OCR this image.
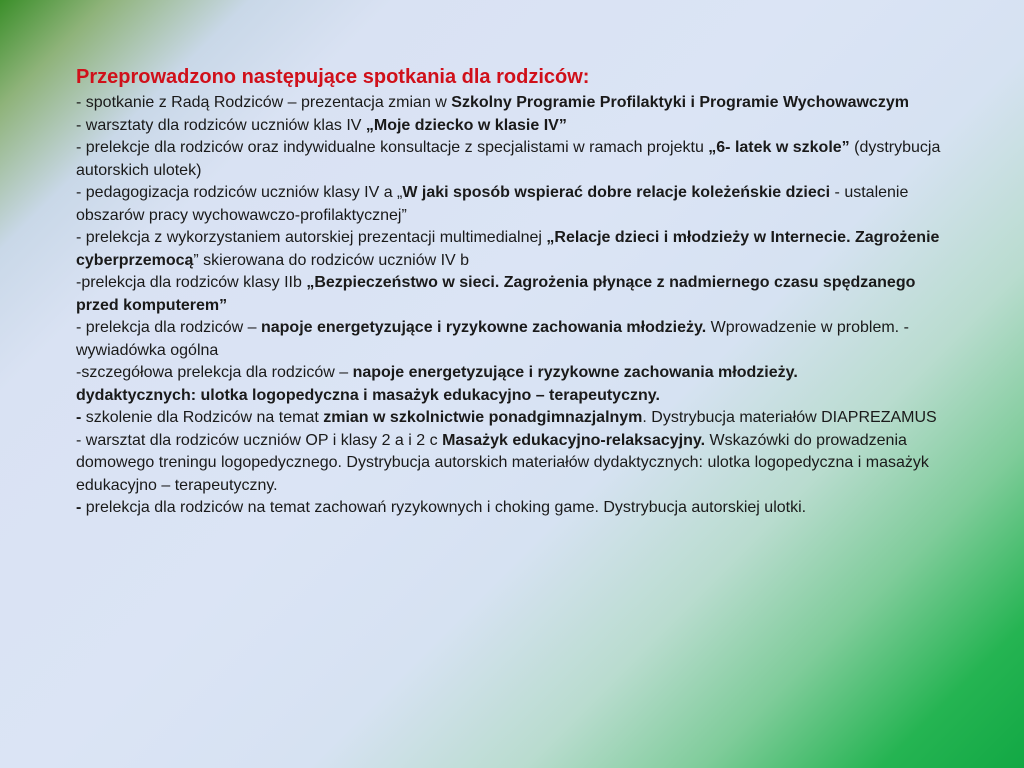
Przeprowadzono następujące spotkania dla rodziców:
- spotkanie z Radą Rodziców – prezentacja zmian w Szkolny Programie Profilaktyki i Programie Wychowawczym
- warsztaty dla rodziców uczniów klas IV „Moje dziecko w klasie IV”
- prelekcje dla rodziców oraz indywidualne konsultacje z specjalistami w ramach projektu „6- latek w szkole” (dystrybucja autorskich ulotek)
- pedagogizacja rodziców uczniów klasy IV a „W jaki sposób wspierać dobre relacje koleżeńskie dzieci - ustalenie obszarów pracy wychowawczo-profilaktycznej”
- prelekcja z wykorzystaniem autorskiej prezentacji multimedialnej „Relacje dzieci i młodzieży w Internecie. Zagrożenie cyberprzemocą” skierowana do rodziców uczniów IV b
-prelekcja dla rodziców klasy IIb „Bezpieczeństwo w sieci. Zagrożenia płynące z nadmiernego czasu spędzanego przed komputerem”
- prelekcja dla rodziców – napoje energetyzujące i ryzykowne zachowania młodzieży. Wprowadzenie w problem. - wywiadówka ogólna
-szczegółowa prelekcja dla rodziców – napoje energetyzujące i ryzykowne zachowania młodzieży.
dydaktycznych: ulotka logopedyczna i masażyk edukacyjno – terapeutyczny.
- szkolenie dla Rodziców na temat zmian w szkolnictwie ponadgimnazjalnym. Dystrybucja materiałów DIAPREZAMUS
- warsztat dla rodziców uczniów OP i klasy 2 a i 2 c Masażyk edukacyjno-relaksacyjny. Wskazówki do prowadzenia domowego treningu logopedycznego. Dystrybucja autorskich materiałów dydaktycznych: ulotka logopedyczna i masażyk edukacyjno – terapeutyczny.
- prelekcja dla rodziców na temat zachowań ryzykownych i choking game. Dystrybucja autorskiej ulotki.
